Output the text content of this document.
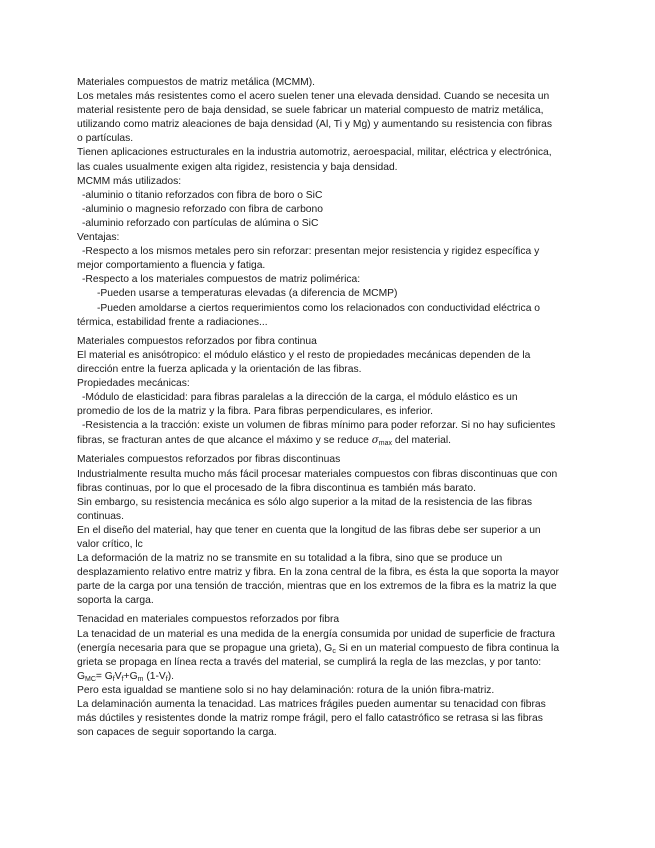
Materiales compuestos de matriz metálica (MCMM).
Los metales más resistentes como el acero suelen tener una elevada densidad. Cuando se necesita un
material resistente pero de baja densidad, se suele fabricar un material compuesto de matriz metálica,
utilizando como matriz aleaciones de baja densidad (Al, Ti y Mg) y aumentando su resistencia con fibras
o partículas.
Tienen aplicaciones estructurales en la industria automotriz, aeroespacial, militar, eléctrica y electrónica,
las cuales usualmente exigen alta rigidez, resistencia y baja densidad.
MCMM más utilizados:
-aluminio o titanio reforzados con fibra de boro o SiC
-aluminio o magnesio reforzado con fibra de carbono
-aluminio reforzado con partículas de alúmina o SiC
Ventajas:
-Respecto a los mismos metales pero sin reforzar: presentan mejor resistencia y rigidez específica y
mejor comportamiento a fluencia y fatiga.
-Respecto a los materiales compuestos de matriz polimérica:
-Pueden usarse a temperaturas elevadas (a diferencia de MCMP)
-Pueden amoldarse a ciertos requerimientos como los relacionados con conductividad eléctrica o
térmica, estabilidad frente a radiaciones...
Materiales compuestos reforzados por fibra continua
El material es anisótropico: el módulo elástico y el resto de propiedades mecánicas dependen de la
dirección entre la fuerza aplicada y la orientación de las fibras.
Propiedades mecánicas:
-Módulo de elasticidad: para fibras paralelas a la dirección de la carga, el módulo elástico es un
promedio de los de la matriz y la fibra. Para fibras perpendiculares, es inferior.
-Resistencia a la tracción: existe un volumen de fibras mínimo para poder reforzar. Si no hay suficientes
fibras, se fracturan antes de que alcance el máximo y se reduce $\sigma_{max}$ del material.
Materiales compuestos reforzados por fibras discontinuas
Industrialmente resulta mucho más fácil procesar materiales compuestos con fibras discontinuas que con
fibras continuas, por lo que el procesado de la fibra discontinua es también más barato.
Sin embargo, su resistencia mecánica es sólo algo superior a la mitad de la resistencia de las fibras
continuas.
En el diseño del material, hay que tener en cuenta que la longitud de las fibras debe ser superior a un
valor crítico, lc
La deformación de la matriz no se transmite en su totalidad a la fibra, sino que se produce un
desplazamiento relativo entre matriz y fibra. En la zona central de la fibra, es ésta la que soporta la mayor
parte de la carga por una tensión de tracción, mientras que en los extremos de la fibra es la matriz la que
soporta la carga.
Tenacidad en materiales compuestos reforzados por fibra
La tenacidad de un material es una medida de la energía consumida por unidad de superficie de fractura
(energía necesaria para que se propague una grieta), $G_c$ Si en un material compuesto de fibra continua la
grieta se propaga en línea recta a través del material, se cumplirá la regla de las mezclas, y por tanto:
$G_{MC}= G_fV_f+G_m$ $(1-V_f)$.
Pero esta igualdad se mantiene solo si no hay delaminación: rotura de la unión fibra-matriz.
La delaminación aumenta la tenacidad. Las matrices frágiles pueden aumentar su tenacidad con fibras
más dúctiles y resistentes donde la matriz rompe frágil, pero el fallo catastrófico se retrasa si las fibras
son capaces de seguir soportando la carga.
